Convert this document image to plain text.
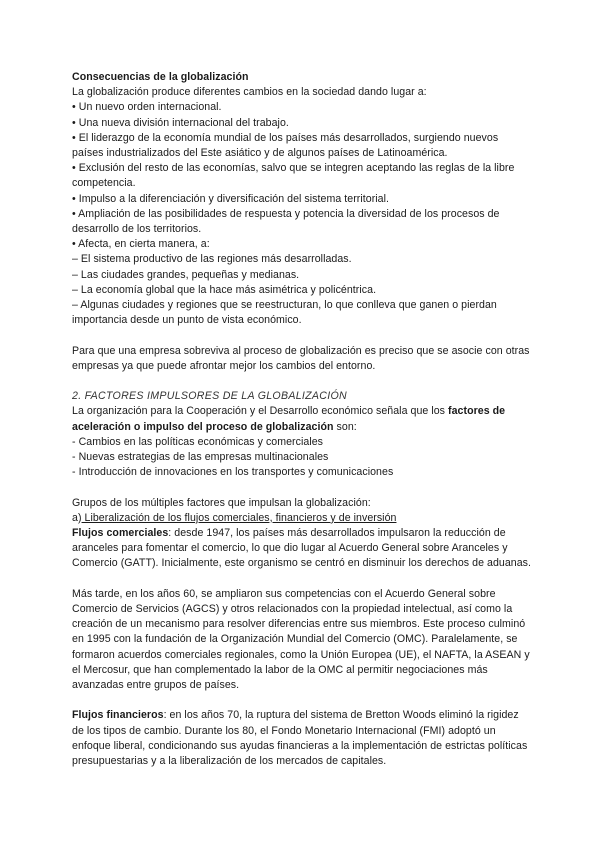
Consecuencias de la globalización

La globalización produce diferentes cambios en la sociedad dando lugar a:

• Un nuevo orden internacional.

• Una nueva división internacional del trabajo.

• El liderazgo de la economía mundial de los países más desarrollados, surgiendo nuevos países industrializados del Este asiático y de algunos países de Latinoamérica.

• Exclusión del resto de las economías, salvo que se integren aceptando las reglas de la libre competencia.

• Impulso a la diferenciación y diversificación del sistema territorial.

• Ampliación de las posibilidades de respuesta y potencia la diversidad de los procesos de desarrollo de los territorios.

• Afecta, en cierta manera, a:

– El sistema productivo de las regiones más desarrolladas.

– Las ciudades grandes, pequeñas y medianas.

– La economía global que la hace más asimétrica y policéntrica.

– Algunas ciudades y regiones que se reestructuran, lo que conlleva que ganen o pierdan importancia desde un punto de vista económico.

Para que una empresa sobreviva al proceso de globalización es preciso que se asocie con otras empresas ya que puede afrontar mejor los cambios del entorno.

2. FACTORES IMPULSORES DE LA GLOBALIZACIÓN

La organización para la Cooperación y el Desarrollo económico señala que los factores de aceleración o impulso del proceso de globalización son:

- Cambios en las políticas económicas y comerciales

- Nuevas estrategias de las empresas multinacionales

- Introducción de innovaciones en los transportes y comunicaciones

Grupos de los múltiples factores que impulsan la globalización:

a) Liberalización de los flujos comerciales, financieros y de inversión

Flujos comerciales: desde 1947, los países más desarrollados impulsaron la reducción de aranceles para fomentar el comercio, lo que dio lugar al Acuerdo General sobre Aranceles y Comercio (GATT). Inicialmente, este organismo se centró en disminuir los derechos de aduanas.

Más tarde, en los años 60, se ampliaron sus competencias con el Acuerdo General sobre Comercio de Servicios (AGCS) y otros relacionados con la propiedad intelectual, así como la creación de un mecanismo para resolver diferencias entre sus miembros. Este proceso culminó en 1995 con la fundación de la Organización Mundial del Comercio (OMC). Paralelamente, se formaron acuerdos comerciales regionales, como la Unión Europea (UE), el NAFTA, la ASEAN y el Mercosur, que han complementado la labor de la OMC al permitir negociaciones más avanzadas entre grupos de países.

Flujos financieros: en los años 70, la ruptura del sistema de Bretton Woods eliminó la rigidez de los tipos de cambio. Durante los 80, el Fondo Monetario Internacional (FMI) adoptó un enfoque liberal, condicionando sus ayudas financieras a la implementación de estrictas políticas presupuestarias y a la liberalización de los mercados de capitales.
